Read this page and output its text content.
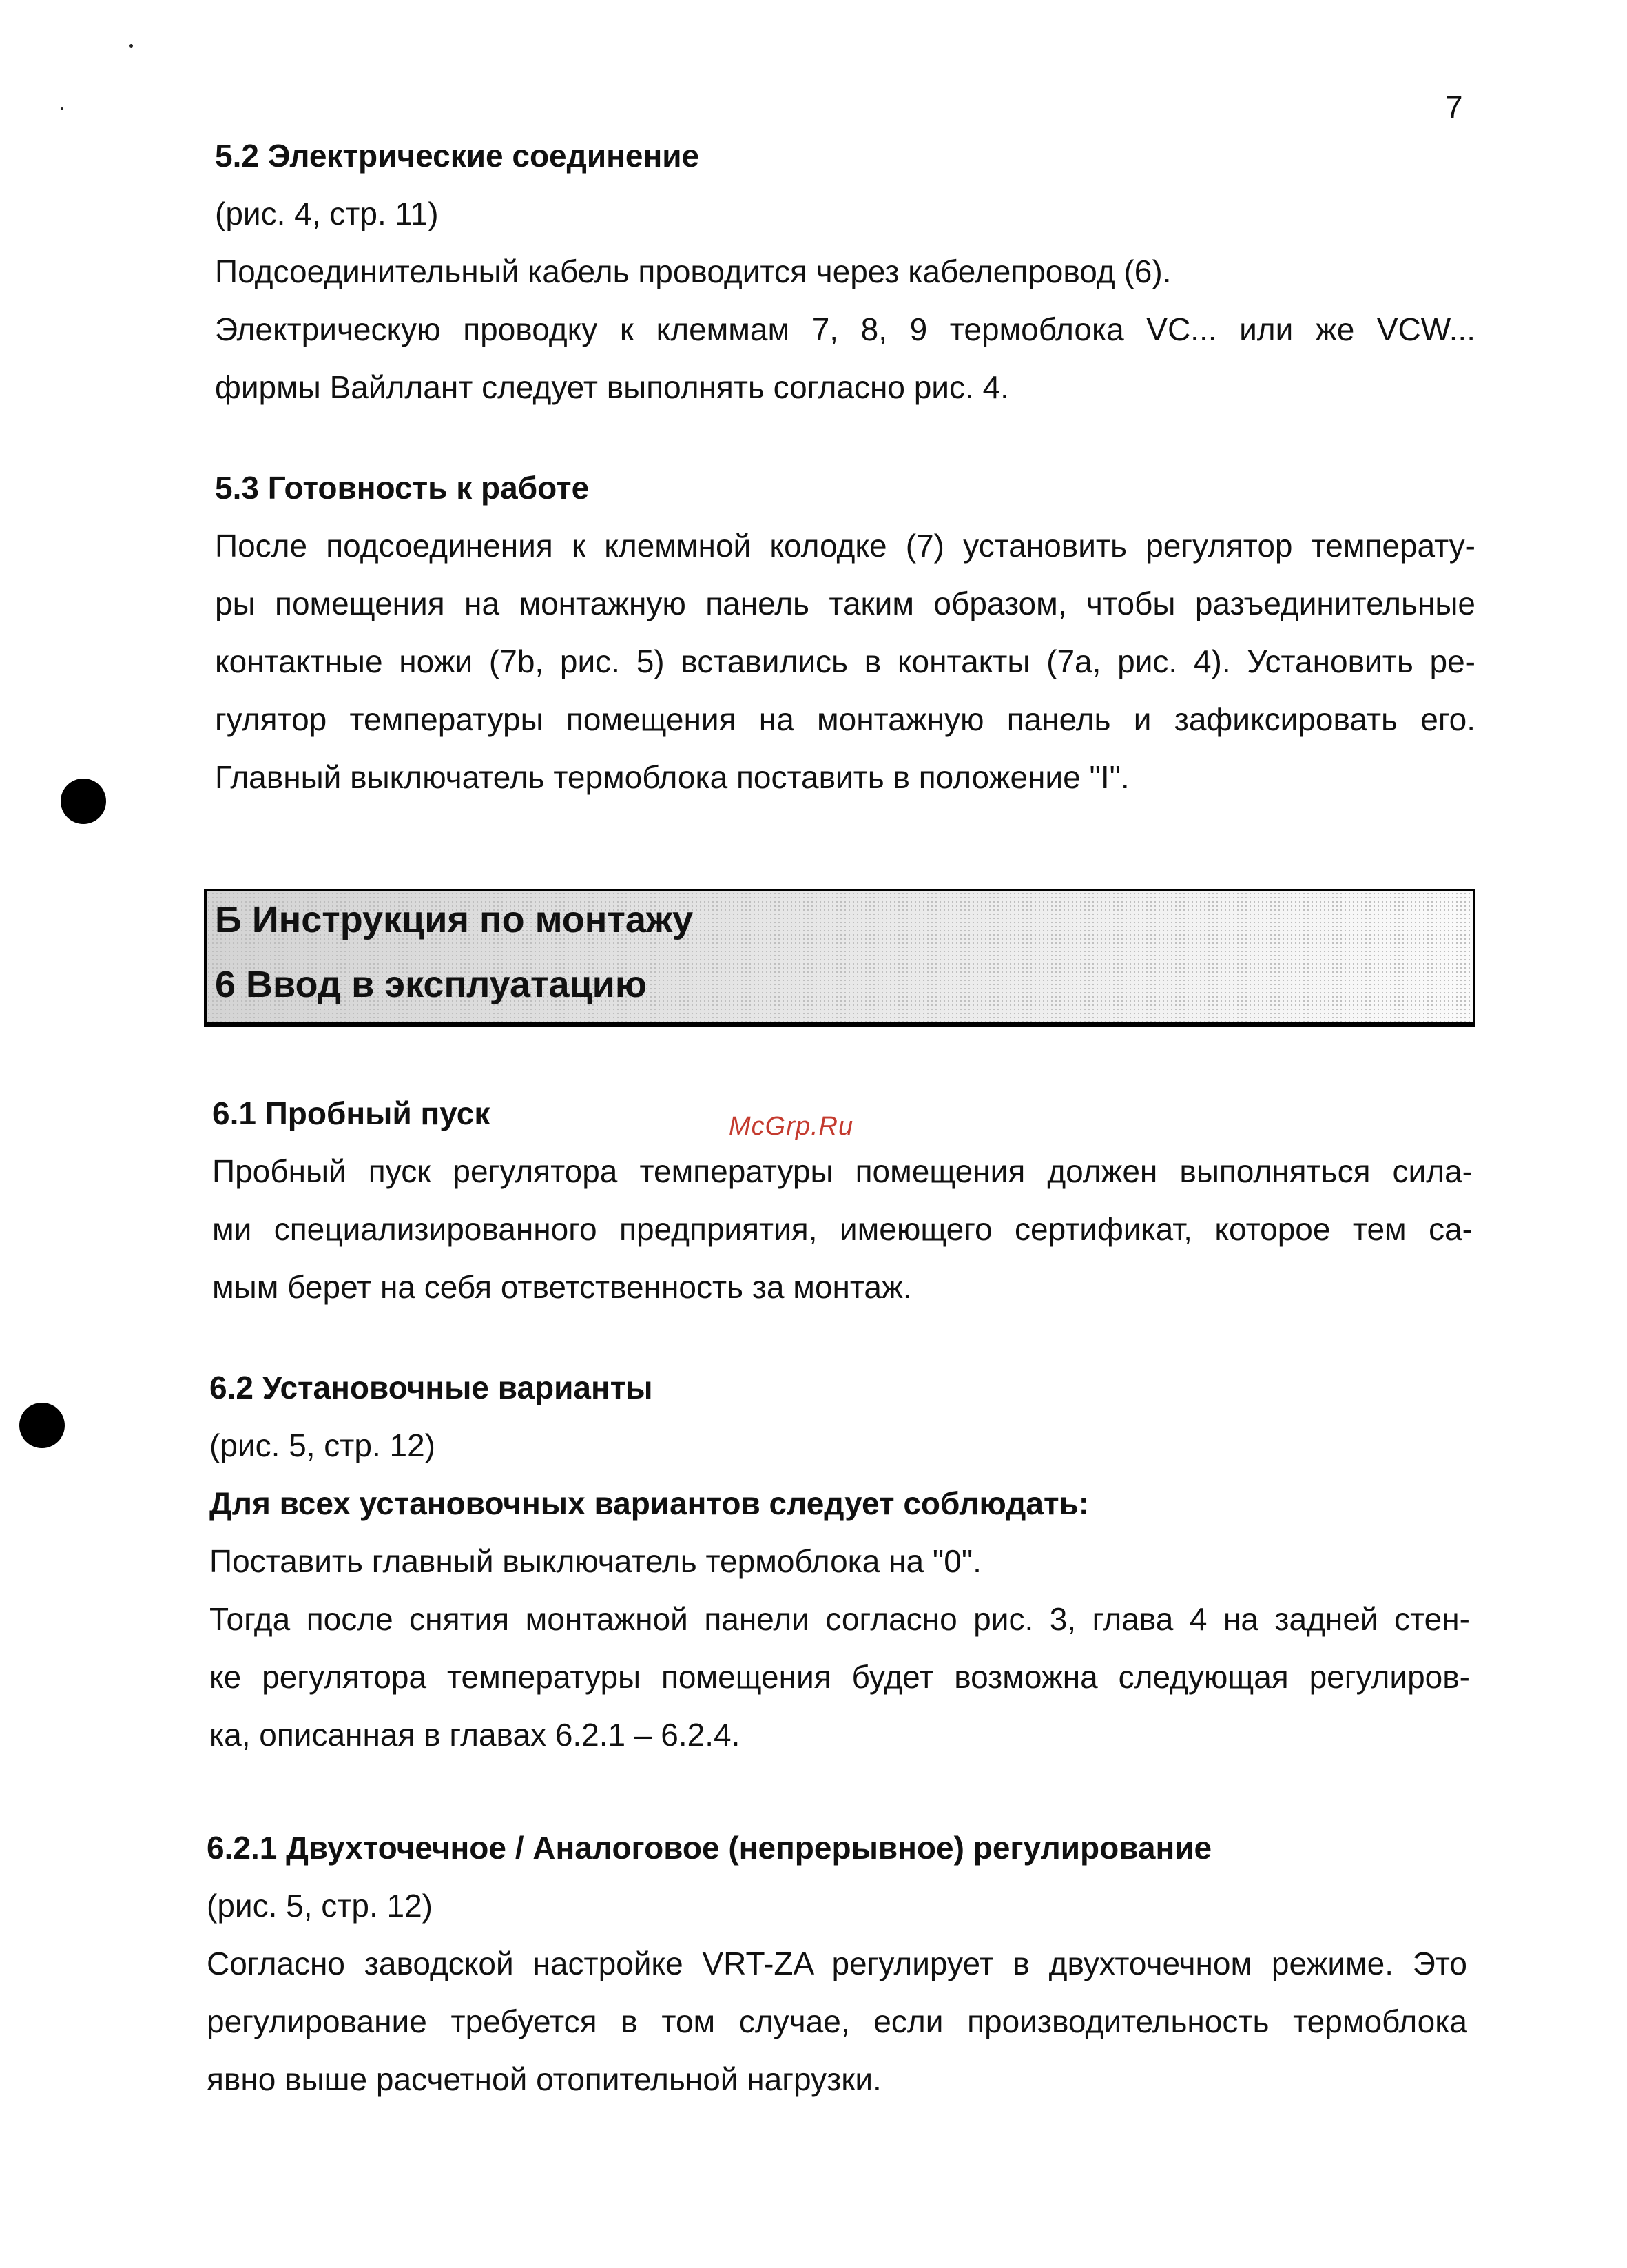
7
5.2 Электрические соединение
(рис. 4, стр. 11)
Подсоединительный кабель проводится через кабелепровод (6).
Электрическую проводку к клеммам 7, 8, 9 термоблока VC... или же VCW...
фирмы Вайллант следует выполнять согласно рис. 4.
5.3 Готовность к работе
После подсоединения к клеммной колодке (7) установить регулятор температу-
ры помещения на монтажную панель таким образом, чтобы разъединительные
контактные ножи (7b, рис. 5) вставились в контакты (7а, рис. 4). Установить ре-
гулятор температуры помещения на монтажную панель и зафиксировать его.
Главный выключатель термоблока поставить в положение "I".
Б Инструкция по монтажу
6 Ввод в эксплуатацию
McGrp.Ru
6.1 Пробный пуск
Пробный пуск регулятора температуры помещения должен выполняться сила-
ми специализированного предприятия, имеющего сертификат, которое тем са-
мым берет на себя ответственность за монтаж.
6.2 Установочные варианты
(рис. 5, стр. 12)
Для всех установочных вариантов следует соблюдать:
Поставить главный выключатель термоблока на "0".
Тогда после снятия монтажной панели согласно рис. 3, глава 4 на задней стен-
ке регулятора температуры помещения будет возможна следующая регулиров-
ка, описанная в главах 6.2.1 – 6.2.4.
6.2.1 Двухточечное / Аналоговое (непрерывное) регулирование
(рис. 5, стр. 12)
Согласно заводской настройке VRT-ZA регулирует в двухточечном режиме. Это
регулирование требуется в том случае, если производительность термоблока
явно выше расчетной отопительной нагрузки.
